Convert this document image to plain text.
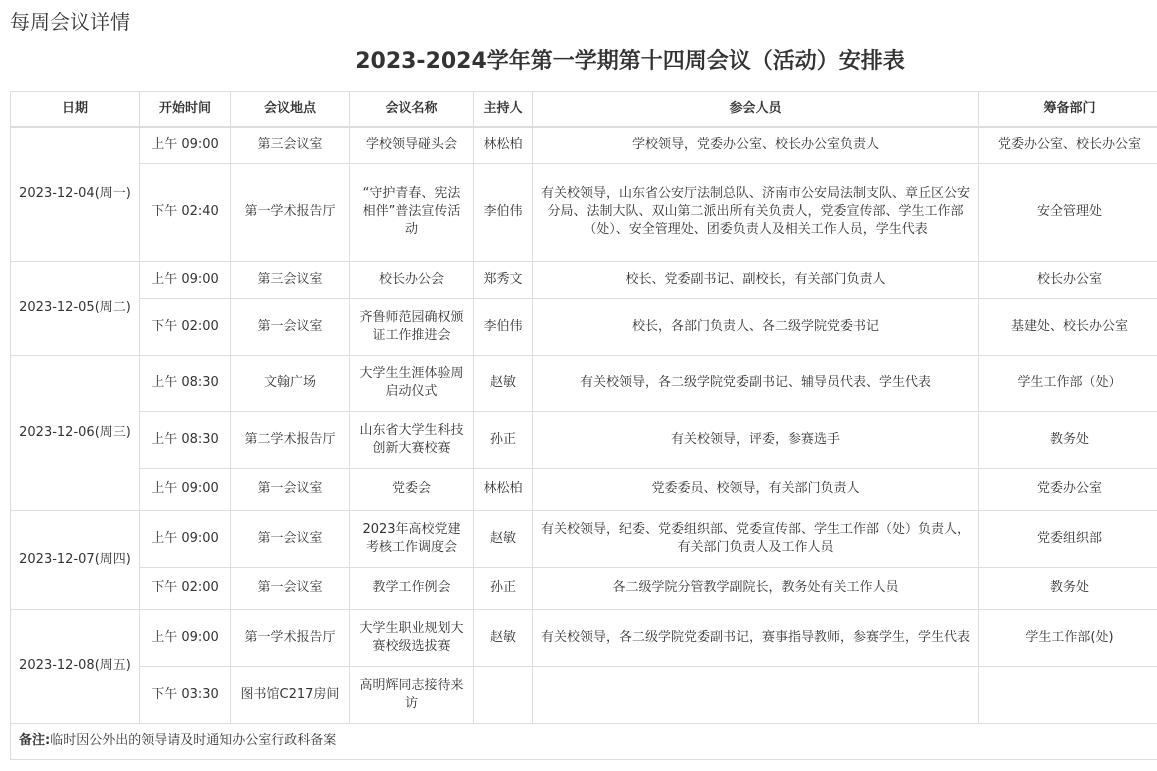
每周会议详情
2023-2024学年第一学期第十四周会议（活动）安排表
日期	开始时间	会议地点	会议名称	主持人	参会人员	筹备部门
2023-12-04(周一)	上午 09:00	第三会议室	学校领导碰头会	林松柏	学校领导，党委办公室、校长办公室负责人	党委办公室、校长办公室
	下午 02:40	第一学术报告厅	“守护青春、宪法相伴”普法宣传活动	李伯伟	有关校领导，山东省公安厅法制总队、济南市公安局法制支队、章丘区公安分局、法制大队、双山第二派出所有关负责人，党委宣传部、学生工作部（处）、安全管理处、团委负责人及相关工作人员，学生代表	安全管理处
2023-12-05(周二)	上午 09:00	第三会议室	校长办公会	郑秀文	校长、党委副书记、副校长，有关部门负责人	校长办公室
	下午 02:00	第一会议室	齐鲁师范园确权颁证工作推进会	李伯伟	校长，各部门负责人、各二级学院党委书记	基建处、校长办公室
2023-12-06(周三)	上午 08:30	文翰广场	大学生生涯体验周启动仪式	赵敏	有关校领导，各二级学院党委副书记、辅导员代表、学生代表	学生工作部（处）
	上午 08:30	第二学术报告厅	山东省大学生科技创新大赛校赛	孙正	有关校领导，评委，参赛选手	教务处
	上午 09:00	第一会议室	党委会	林松柏	党委委员、校领导，有关部门负责人	党委办公室
2023-12-07(周四)	上午 09:00	第一会议室	2023年高校党建考核工作调度会	赵敏	有关校领导，纪委、党委组织部、党委宣传部、学生工作部（处）负责人，有关部门负责人及工作人员	党委组织部
	下午 02:00	第一会议室	教学工作例会	孙正	各二级学院分管教学副院长，教务处有关工作人员	教务处
2023-12-08(周五)	上午 09:00	第一学术报告厅	大学生职业规划大赛校级选拔赛	赵敏	有关校领导，各二级学院党委副书记，赛事指导教师，参赛学生，学生代表	学生工作部(处)
	下午 03:30	图书馆C217房间	高明辉同志接待来访			
备注:临时因公外出的领导请及时通知办公室行政科备案						
